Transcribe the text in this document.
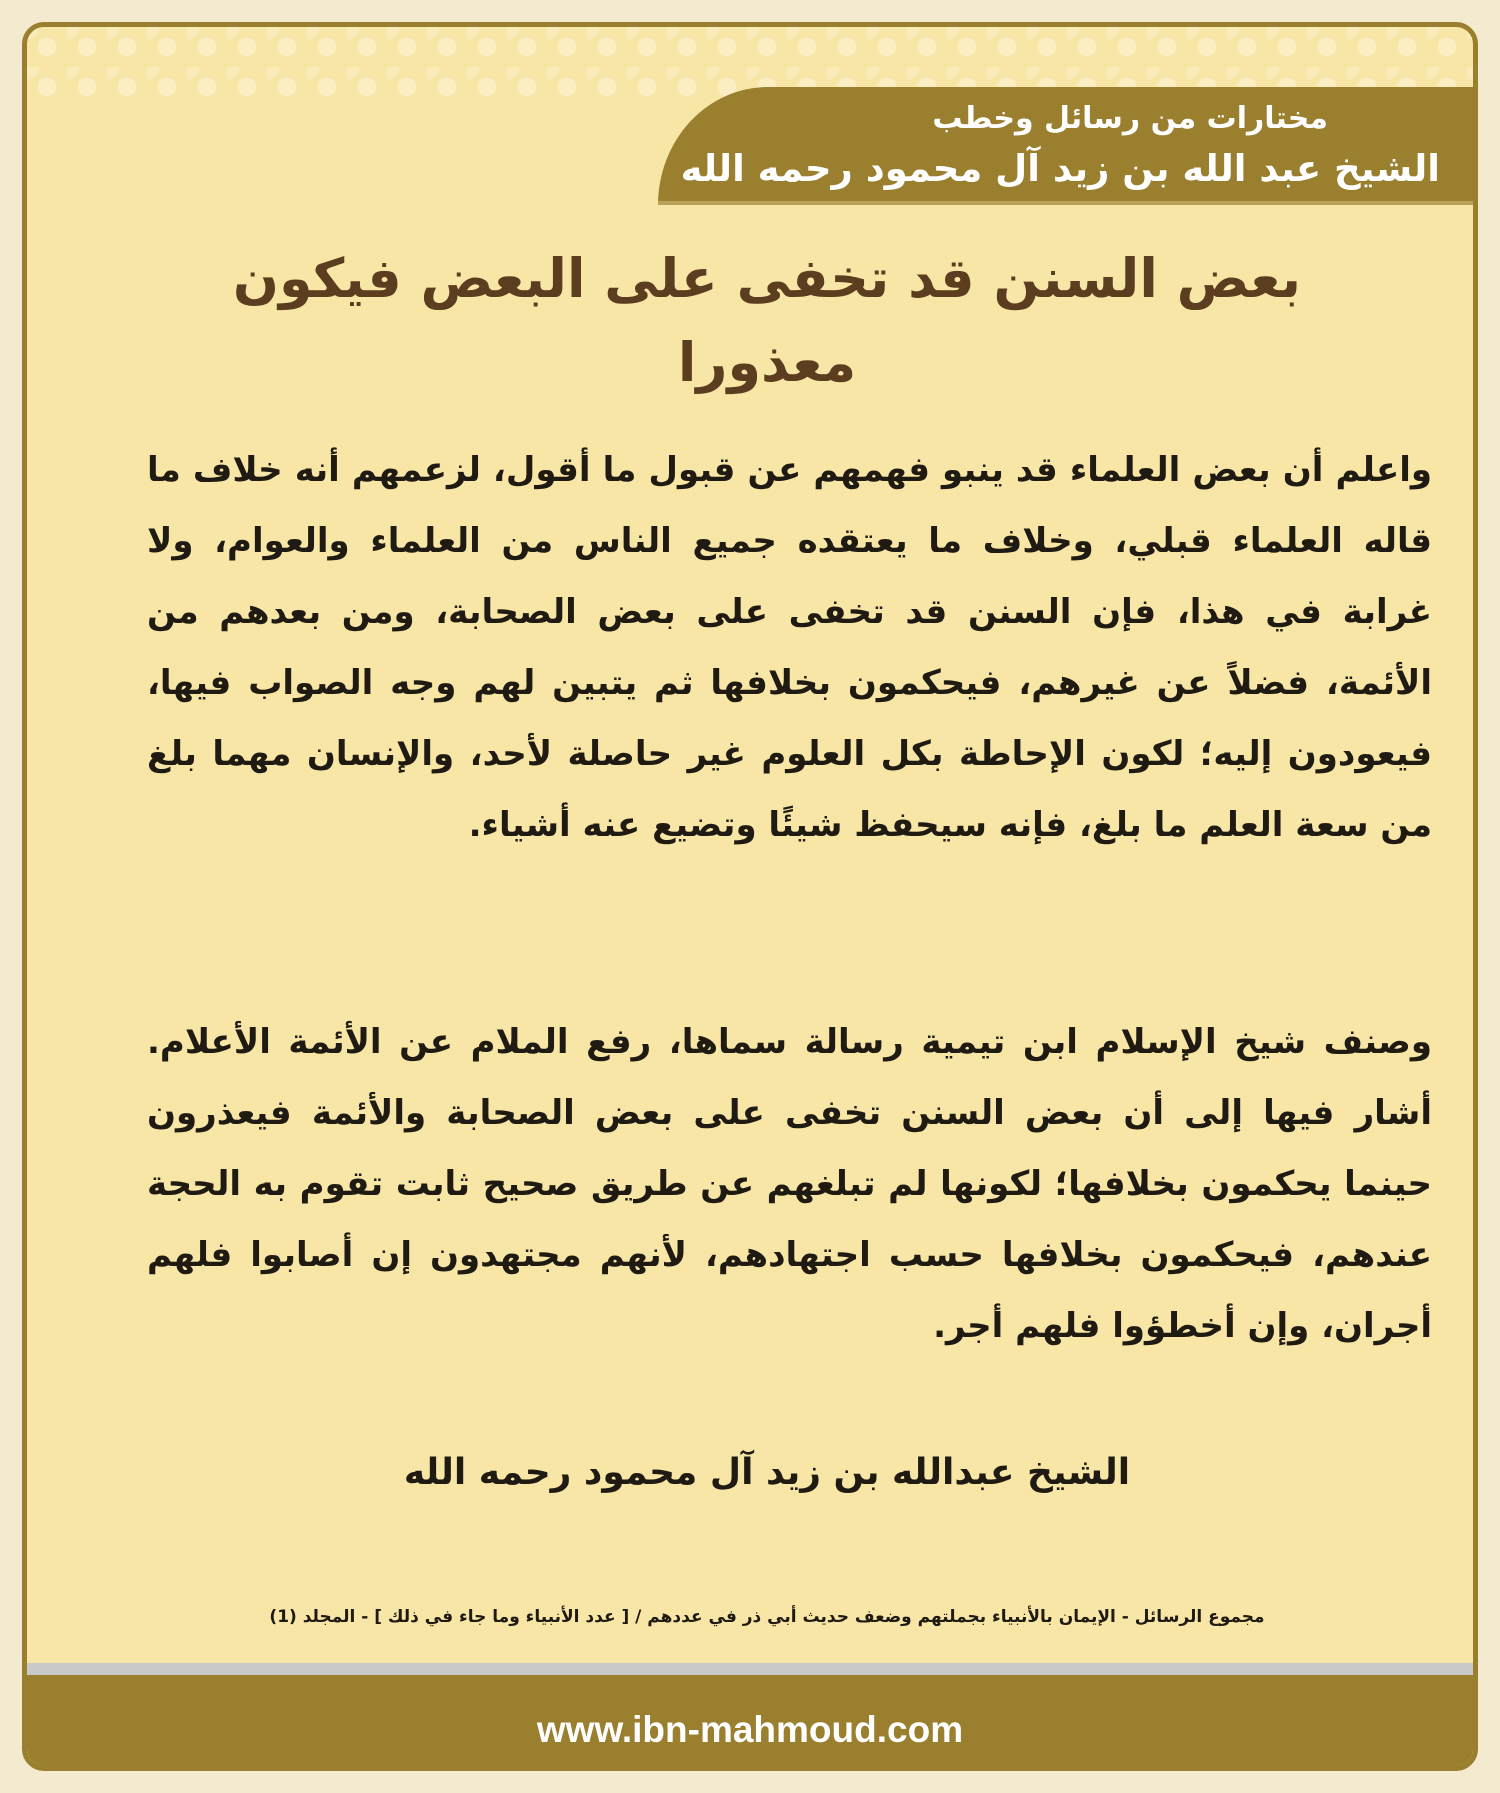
مختارات من رسائل وخطب
الشيخ عبد الله بن زيد آل محمود رحمه الله
بعض السنن قد تخفى على البعض فيكون معذورا
واعلم أن بعض العلماء قد ينبو فهمهم عن قبول ما أقول، لزعمهم أنه خلاف ما قاله العلماء قبلي، وخلاف ما يعتقده جميع الناس من العلماء والعوام، ولا غرابة في هذا، فإن السنن قد تخفى على بعض الصحابة، ومن بعدهم من الأئمة، فضلاً عن غيرهم، فيحكمون بخلافها ثم يتبين لهم وجه الصواب فيها، فيعودون إليه؛ لكون الإحاطة بكل العلوم غير حاصلة لأحد، والإنسان مهما بلغ من سعة العلم ما بلغ، فإنه سيحفظ شيئًا وتضيع عنه أشياء.
وصنف شيخ الإسلام ابن تيمية رسالة سماها، رفع الملام عن الأئمة الأعلام. أشار فيها إلى أن بعض السنن تخفى على بعض الصحابة والأئمة فيعذرون حينما يحكمون بخلافها؛ لكونها لم تبلغهم عن طريق صحيح ثابت تقوم به الحجة عندهم، فيحكمون بخلافها حسب اجتهادهم، لأنهم مجتهدون إن أصابوا فلهم أجران، وإن أخطؤوا فلهم أجر.
الشيخ عبدالله بن زيد آل محمود رحمه الله
مجموع الرسائل - الإيمان بالأنبياء بجملتهم وضعف حديث أبي ذر في عددهم / [ عدد الأنبياء وما جاء في ذلك ] - المجلد (1)
www.ibn-mahmoud.com
